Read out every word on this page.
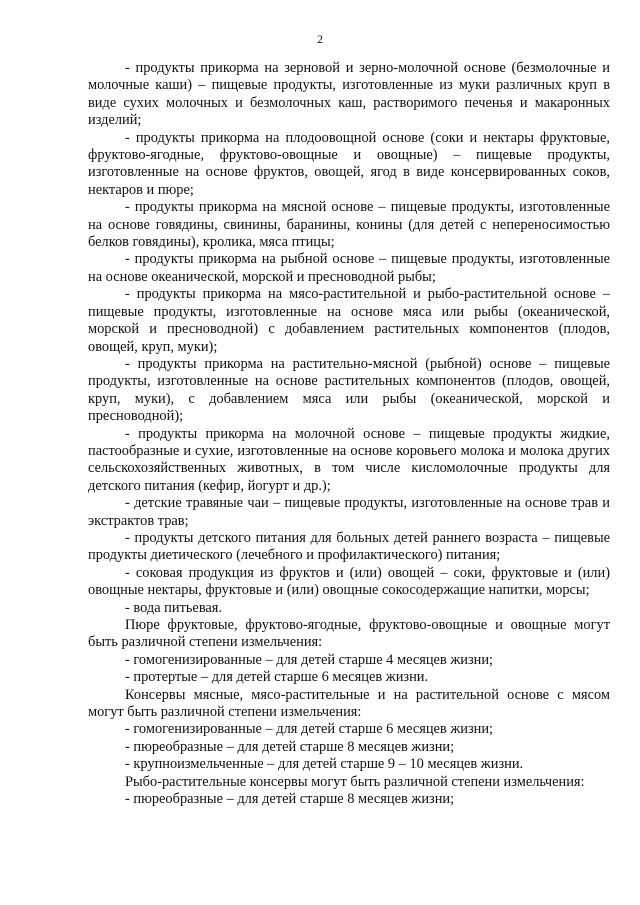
2

- продукты прикорма на зерновой и зерно-молочной основе (безмолочные и молочные каши) – пищевые продукты, изготовленные из муки различных круп в виде сухих молочных и безмолочных каш, растворимого печенья и макаронных изделий;

- продукты прикорма на плодоовощной основе (соки и нектары фруктовые, фруктово-ягодные, фруктово-овощные и овощные) – пищевые продукты, изготовленные на основе фруктов, овощей, ягод в виде консервированных соков, нектаров и пюре;

- продукты прикорма на мясной основе – пищевые продукты, изготовленные на основе говядины, свинины, баранины, конины (для детей с непереносимостью белков говядины), кролика, мяса птицы;

- продукты прикорма на рыбной основе – пищевые продукты, изготовленные на основе океанической, морской и пресноводной рыбы;

- продукты прикорма на мясо-растительной и рыбо-растительной основе – пищевые продукты, изготовленные на основе мяса или рыбы (океанической, морской и пресноводной) с добавлением растительных компонентов (плодов, овощей, круп, муки);

- продукты прикорма на растительно-мясной (рыбной) основе – пищевые продукты, изготовленные на основе растительных компонентов (плодов, овощей, круп, муки), с добавлением мяса или рыбы (океанической, морской и пресноводной);

- продукты прикорма на молочной основе – пищевые продукты жидкие, пастообразные и сухие, изготовленные на основе коровьего молока и молока других сельскохозяйственных животных, в том числе кисломолочные продукты для детского питания (кефир, йогурт и др.);

- детские травяные чаи – пищевые продукты, изготовленные на основе трав и экстрактов трав;

- продукты детского питания для больных детей раннего возраста – пищевые продукты диетического (лечебного и профилактического) питания;

- соковая продукция из фруктов и (или) овощей – соки, фруктовые и (или) овощные нектары, фруктовые и (или) овощные сокосодержащие напитки, морсы;

- вода питьевая.

Пюре фруктовые, фруктово-ягодные, фруктово-овощные и овощные могут быть различной степени измельчения:

- гомогенизированные – для детей старше 4 месяцев жизни;

- протертые – для детей старше 6 месяцев жизни.

Консервы мясные, мясо-растительные и на растительной основе с мясом могут быть различной степени измельчения:

- гомогенизированные – для детей старше 6 месяцев жизни;

- пюреобразные – для детей старше 8 месяцев жизни;

- крупноизмельченные – для детей старше 9 – 10 месяцев жизни.

Рыбо-растительные консервы могут быть различной степени измельчения:

- пюреобразные – для детей старше 8 месяцев жизни;
